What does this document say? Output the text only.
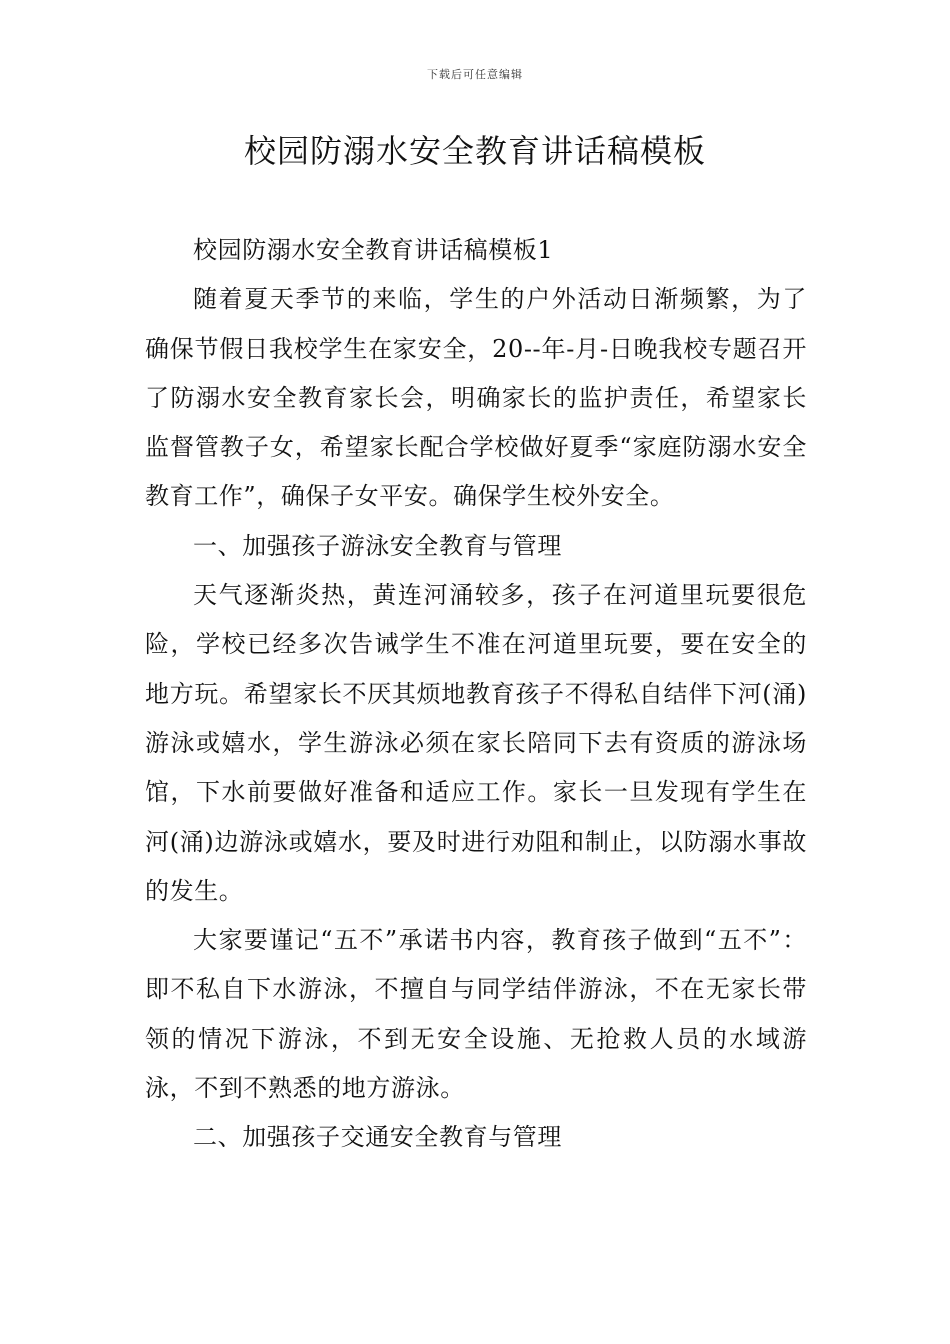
下载后可任意编辑
校园防溺水安全教育讲话稿模板

校园防溺水安全教育讲话稿模板1

随着夏天季节的来临，学生的户外活动日渐频繁，为了确保节假日我校学生在家安全，20--年-月-日晚我校专题召开了防溺水安全教育家长会，明确家长的监护责任，希望家长监督管教子女，希望家长配合学校做好夏季“家庭防溺水安全教育工作”，确保子女平安。确保学生校外安全。

一、加强孩子游泳安全教育与管理

天气逐渐炎热，黄连河涌较多，孩子在河道里玩要很危险，学校已经多次告诫学生不准在河道里玩要，要在安全的地方玩。希望家长不厌其烦地教育孩子不得私自结伴下河(涌)游泳或嬉水，学生游泳必须在家长陪同下去有资质的游泳场馆，下水前要做好准备和适应工作。家长一旦发现有学生在河(涌)边游泳或嬉水，要及时进行劝阻和制止，以防溺水事故的发生。

大家要谨记“五不”承诺书内容，教育孩子做到“五不”：即不私自下水游泳，不擅自与同学结伴游泳，不在无家长带领的情况下游泳，不到无安全设施、无抢救人员的水域游泳，不到不熟悉的地方游泳。

二、加强孩子交通安全教育与管理
